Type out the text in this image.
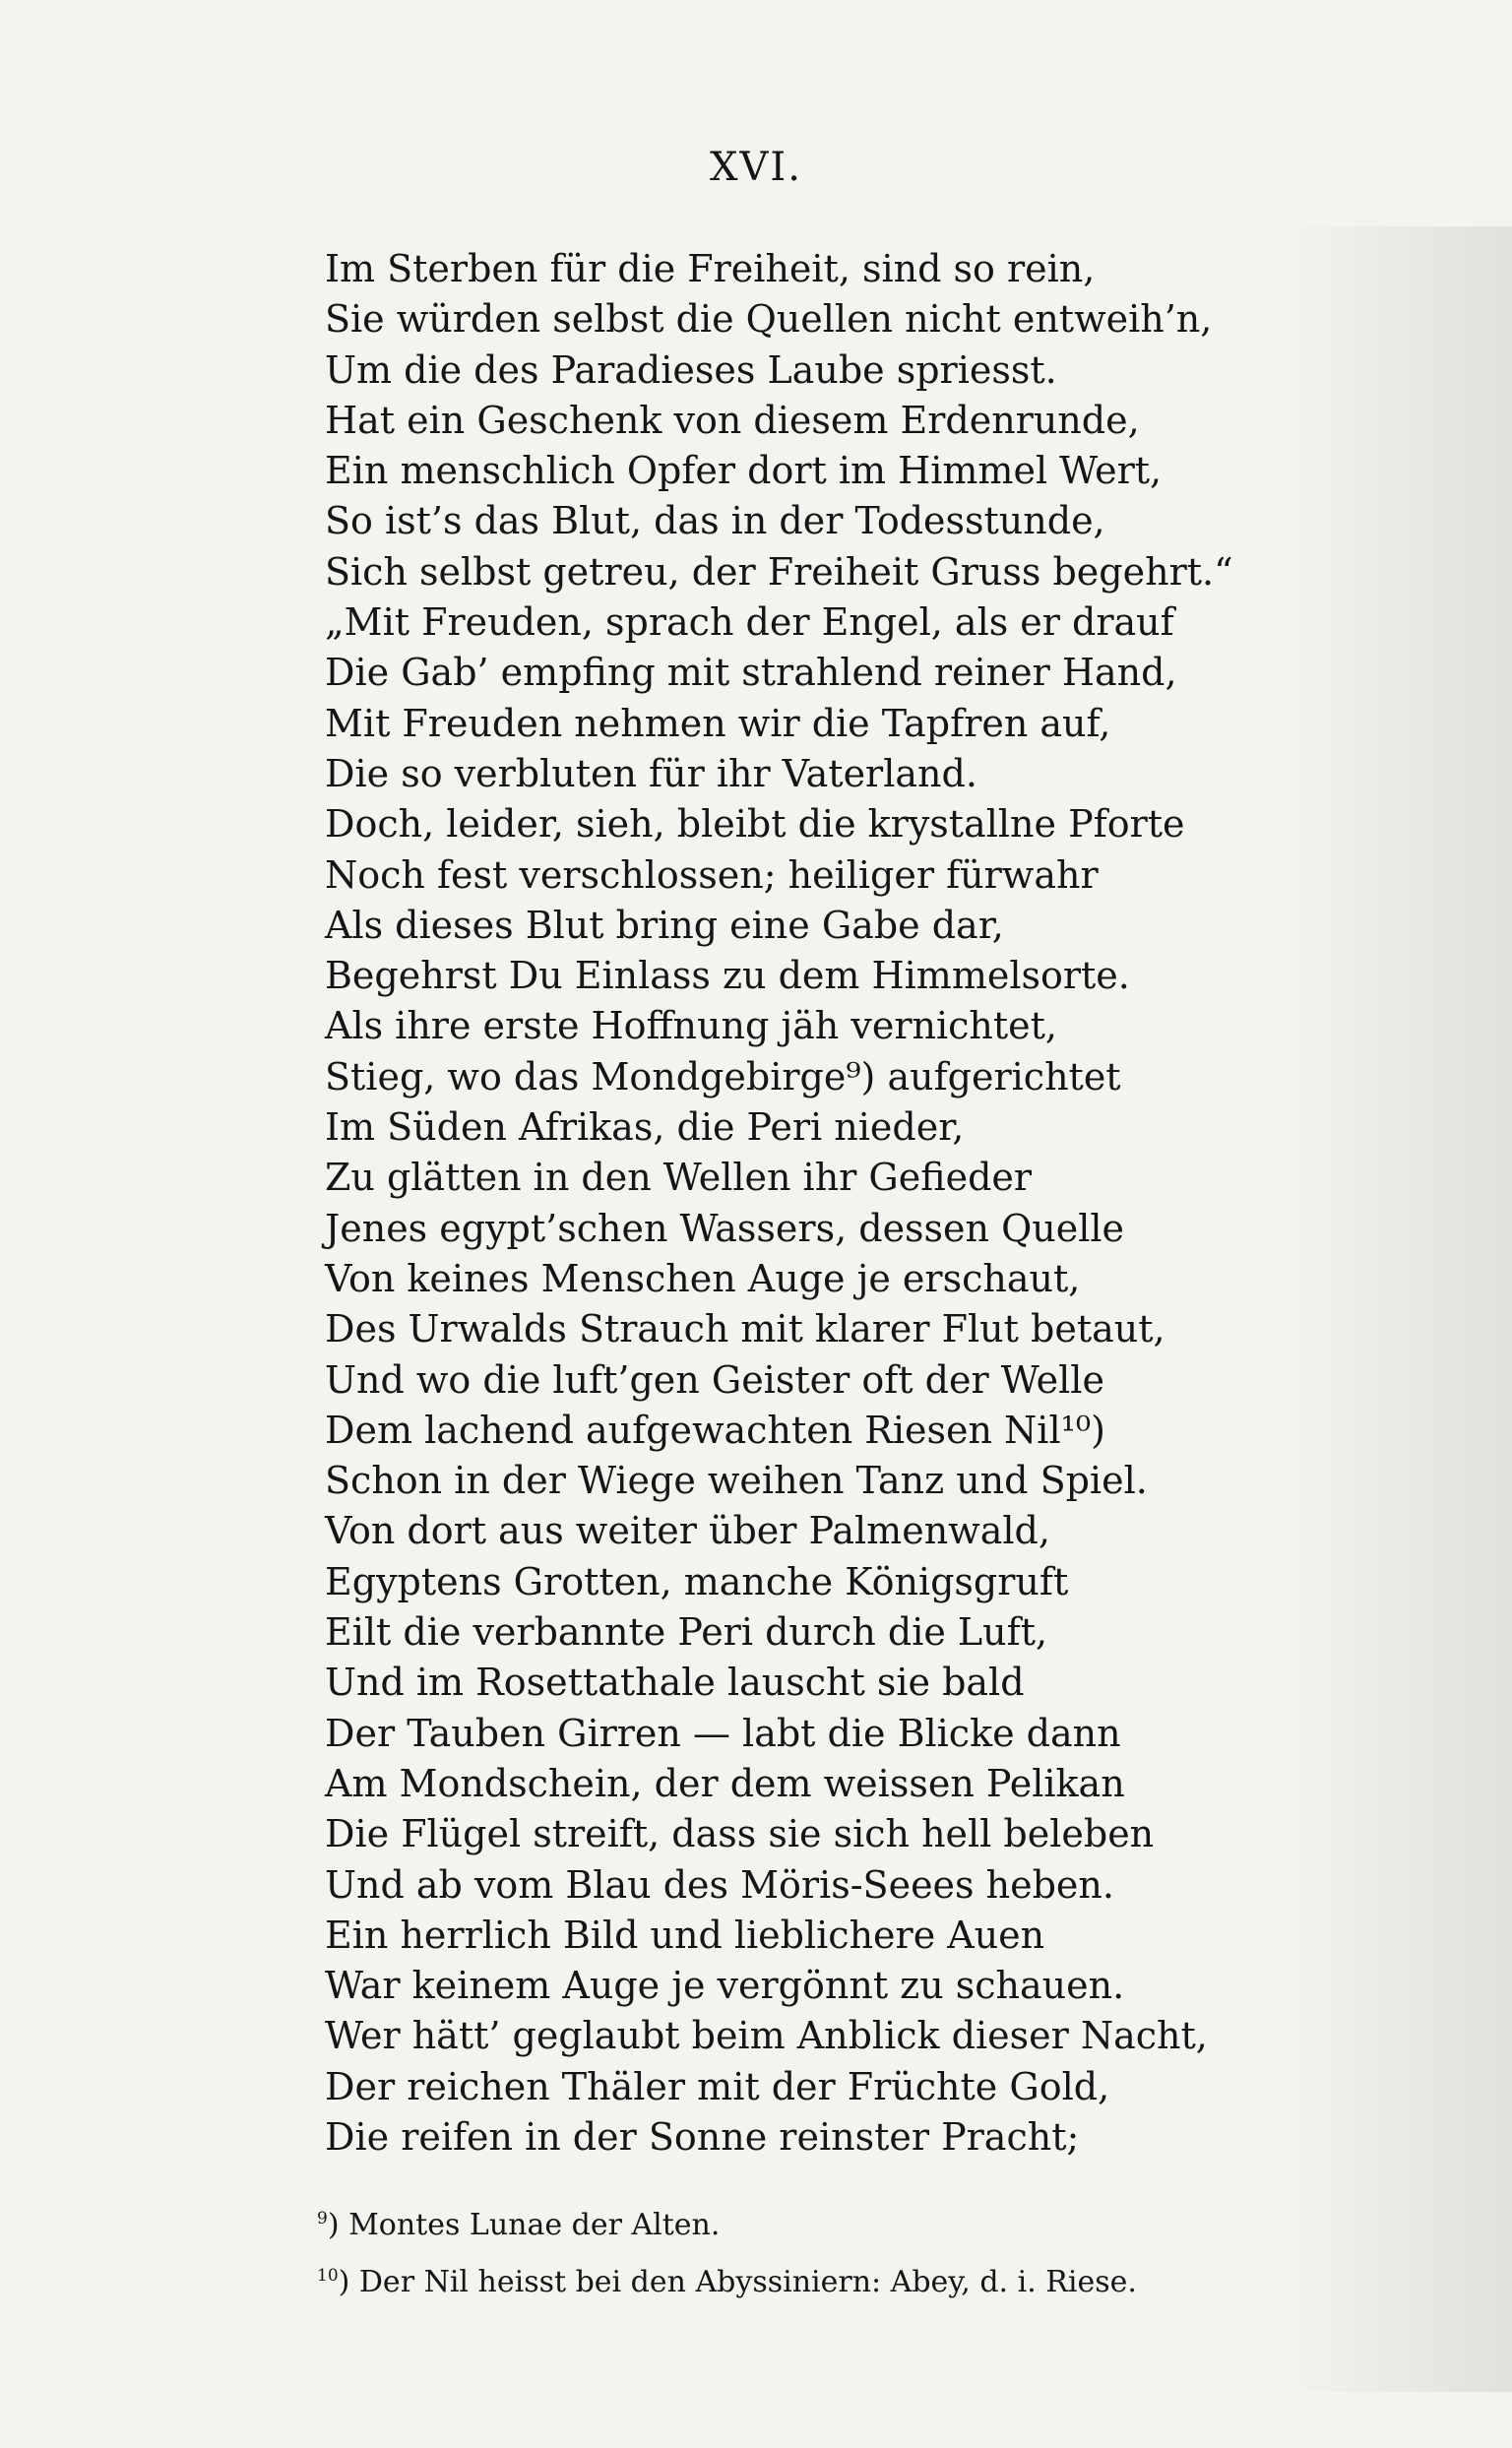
XVI.
Im Sterben für die Freiheit, sind so rein,
Sie würden selbst die Quellen nicht entweih’n,
Um die des Paradieses Laube spriesst.
Hat ein Geschenk von diesem Erdenrunde,
Ein menschlich Opfer dort im Himmel Wert,
So ist’s das Blut, das in der Todesstunde,
Sich selbst getreu, der Freiheit Gruss begehrt.“
„Mit Freuden, sprach der Engel, als er drauf
Die Gab’ empfing mit strahlend reiner Hand,
Mit Freuden nehmen wir die Tapfren auf,
Die so verbluten für ihr Vaterland.
Doch, leider, sieh, bleibt die krystallne Pforte
Noch fest verschlossen; heiliger fürwahr
Als dieses Blut bring eine Gabe dar,
Begehrst Du Einlass zu dem Himmelsorte.
Als ihre erste Hoffnung jäh vernichtet,
Stieg, wo das Mondgebirge⁹) aufgerichtet
Im Süden Afrikas, die Peri nieder,
Zu glätten in den Wellen ihr Gefieder
Jenes egypt’schen Wassers, dessen Quelle
Von keines Menschen Auge je erschaut,
Des Urwalds Strauch mit klarer Flut betaut,
Und wo die luft’gen Geister oft der Welle
Dem lachend aufgewachten Riesen Nil¹⁰)
Schon in der Wiege weihen Tanz und Spiel.
Von dort aus weiter über Palmenwald,
Egyptens Grotten, manche Königsgruft
Eilt die verbannte Peri durch die Luft,
Und im Rosettathale lauscht sie bald
Der Tauben Girren — labt die Blicke dann
Am Mondschein, der dem weissen Pelikan
Die Flügel streift, dass sie sich hell beleben
Und ab vom Blau des Möris-Seees heben.
Ein herrlich Bild und lieblichere Auen
War keinem Auge je vergönnt zu schauen.
Wer hätt’ geglaubt beim Anblick dieser Nacht,
Der reichen Thäler mit der Früchte Gold,
Die reifen in der Sonne reinster Pracht;
$^9$) Montes Lunae der Alten.
$^{10}$) Der Nil heisst bei den Abyssiniern: Abey, d. i. Riese.
